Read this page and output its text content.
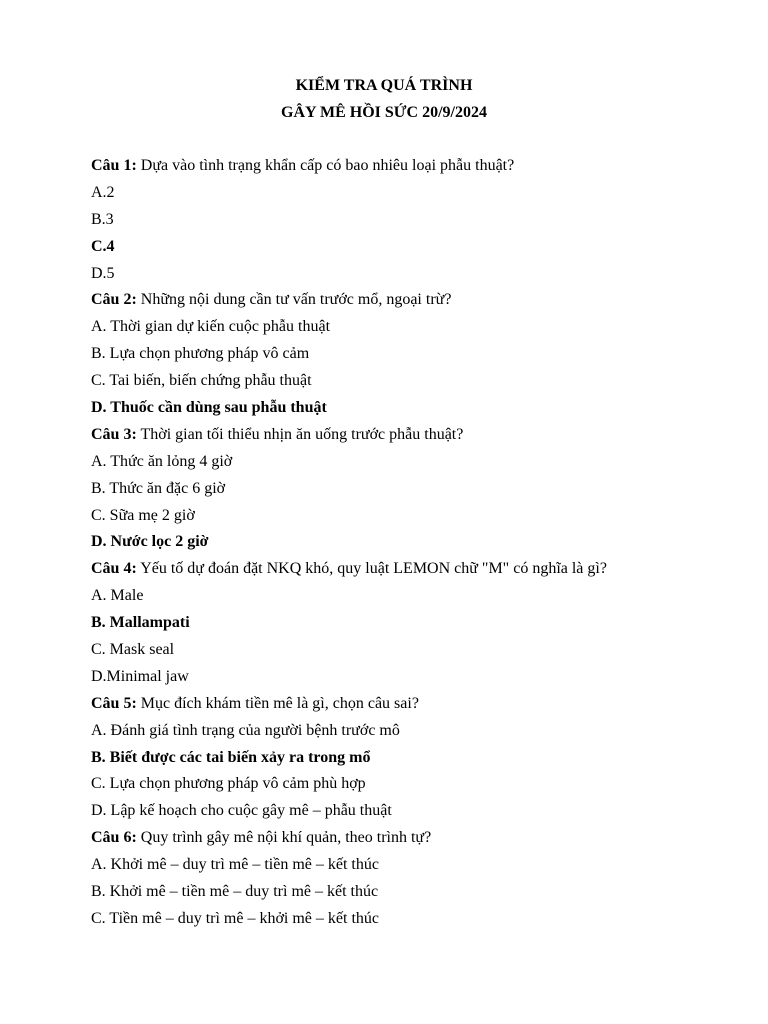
KIỂM TRA QUÁ TRÌNH
GÂY MÊ HỒI SỨC 20/9/2024
Câu 1: Dựa vào tình trạng khẩn cấp có bao nhiêu loại phẫu thuật?
A.2
B.3
C.4
D.5
Câu 2: Những nội dung cần tư vấn trước mổ, ngoại trừ?
A. Thời gian dự kiến cuộc phẫu thuật
B. Lựa chọn phương pháp vô cảm
C. Tai biến, biến chứng phẫu thuật
D. Thuốc cần dùng sau phẫu thuật
Câu 3: Thời gian tối thiểu nhịn ăn uống trước phẫu thuật?
A. Thức ăn lỏng 4 giờ
B. Thức ăn đặc 6 giờ
C. Sữa mẹ 2 giờ
D. Nước lọc 2 giờ
Câu 4: Yếu tố dự đoán đặt NKQ khó, quy luật LEMON chữ "M" có nghĩa là gì?
A. Male
B. Mallampati
C. Mask seal
D.Minimal jaw
Câu 5: Mục đích khám tiền mê là gì, chọn câu sai?
A. Đánh giá tình trạng của người bệnh trước mô
B. Biết được các tai biến xảy ra trong mổ
C. Lựa chọn phương pháp vô cảm phù hợp
D. Lập kế hoạch cho cuộc gây mê – phẫu thuật
Câu 6: Quy trình gây mê nội khí quản, theo trình tự?
A. Khởi mê – duy trì mê – tiền mê – kết thúc
B. Khởi mê – tiền mê – duy trì mê – kết thúc
C. Tiền mê – duy trì mê – khởi mê – kết thúc
